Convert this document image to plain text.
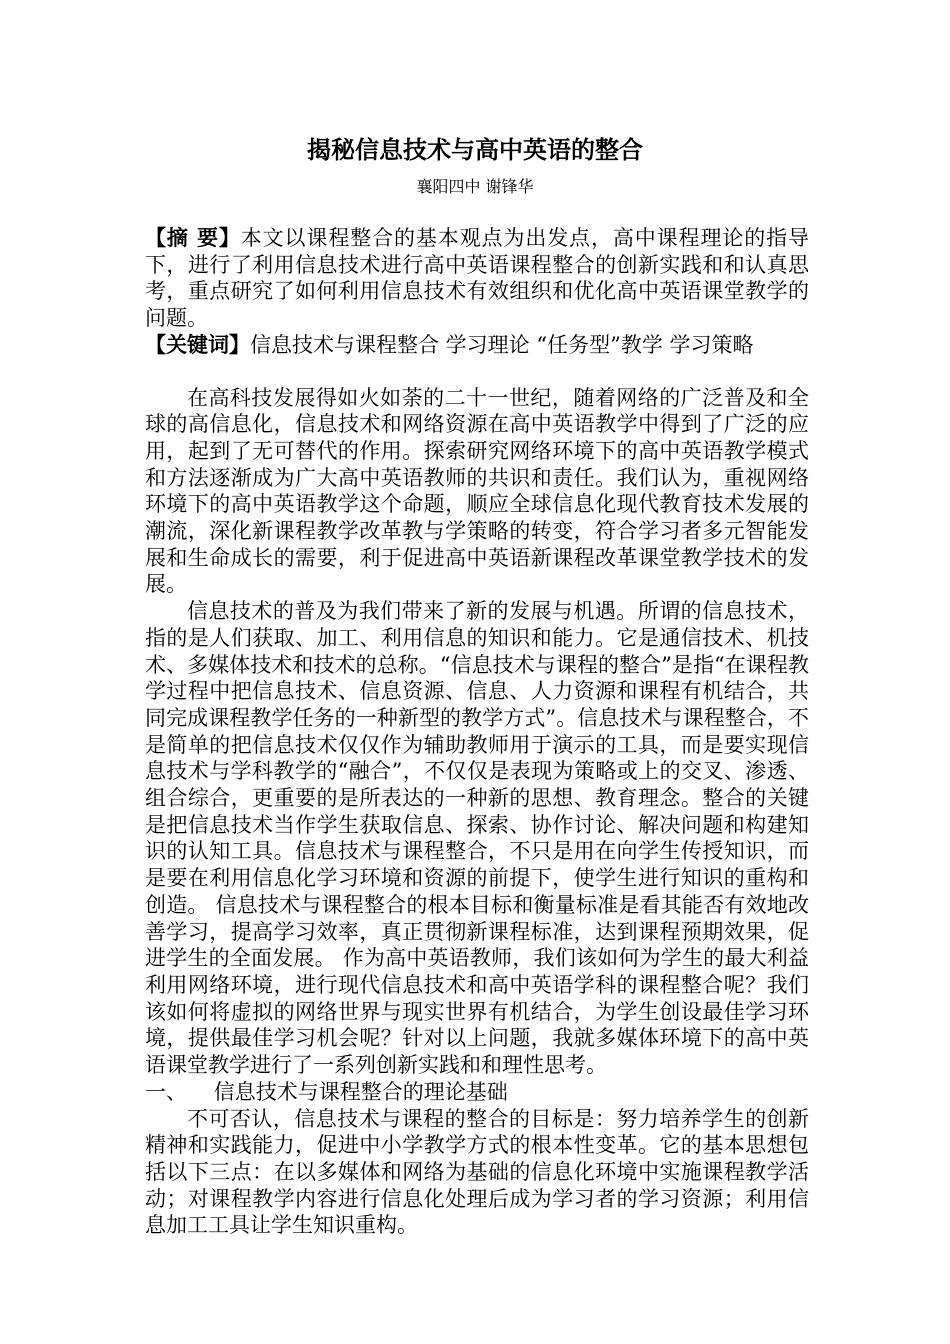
揭秘信息技术与高中英语的整合
襄阳四中 谢锋华

【摘 要】本文以课程整合的基本观点为出发点，高中课程理论的指导下，进行了利用信息技术进行高中英语课程整合的创新实践和和认真思考，重点研究了如何利用信息技术有效组织和优化高中英语课堂教学的问题。

【关键词】信息技术与课程整合 学习理论 “任务型”教学 学习策略

在高科技发展得如火如荼的二十一世纪，随着网络的广泛普及和全球的高信息化，信息技术和网络资源在高中英语教学中得到了广泛的应用，起到了无可替代的作用。探索研究网络环境下的高中英语教学模式和方法逐渐成为广大高中英语教师的共识和责任。我们认为，重视网络环境下的高中英语教学这个命题，顺应全球信息化现代教育技术发展的潮流，深化新课程教学改革教与学策略的转变，符合学习者多元智能发展和生命成长的需要，利于促进高中英语新课程改革课堂教学技术的发展。

信息技术的普及为我们带来了新的发展与机遇。所谓的信息技术，指的是人们获取、加工、利用信息的知识和能力。它是通信技术、机技术、多媒体技术和技术的总称。“信息技术与课程的整合”是指“在课程教学过程中把信息技术、信息资源、信息、人力资源和课程有机结合，共同完成课程教学任务的一种新型的教学方式”。信息技术与课程整合，不是简单的把信息技术仅仅作为辅助教师用于演示的工具，而是要实现信息技术与学科教学的“融合”，不仅仅是表现为策略或上的交叉、渗透、组合综合，更重要的是所表达的一种新的思想、教育理念。整合的关键是把信息技术当作学生获取信息、探索、协作讨论、解决问题和构建知识的认知工具。信息技术与课程整合，不只是用在向学生传授知识，而是要在利用信息化学习环境和资源的前提下，使学生进行知识的重构和创造。 信息技术与课程整合的根本目标和衡量标准是看其能否有效地改善学习，提高学习效率，真正贯彻新课程标准，达到课程预期效果，促进学生的全面发展。 作为高中英语教师，我们该如何为学生的最大利益利用网络环境，进行现代信息技术和高中英语学科的课程整合呢？我们该如何将虚拟的网络世界与现实世界有机结合，为学生创设最佳学习环境，提供最佳学习机会呢？针对以上问题，我就多媒体环境下的高中英语课堂教学进行了一系列创新实践和和理性思考。

一、 信息技术与课程整合的理论基础

不可否认，信息技术与课程的整合的目标是：努力培养学生的创新精神和实践能力，促进中小学教学方式的根本性变革。它的基本思想包括以下三点：在以多媒体和网络为基础的信息化环境中实施课程教学活动；对课程教学内容进行信息化处理后成为学习者的学习资源；利用信息加工工具让学生知识重构。
